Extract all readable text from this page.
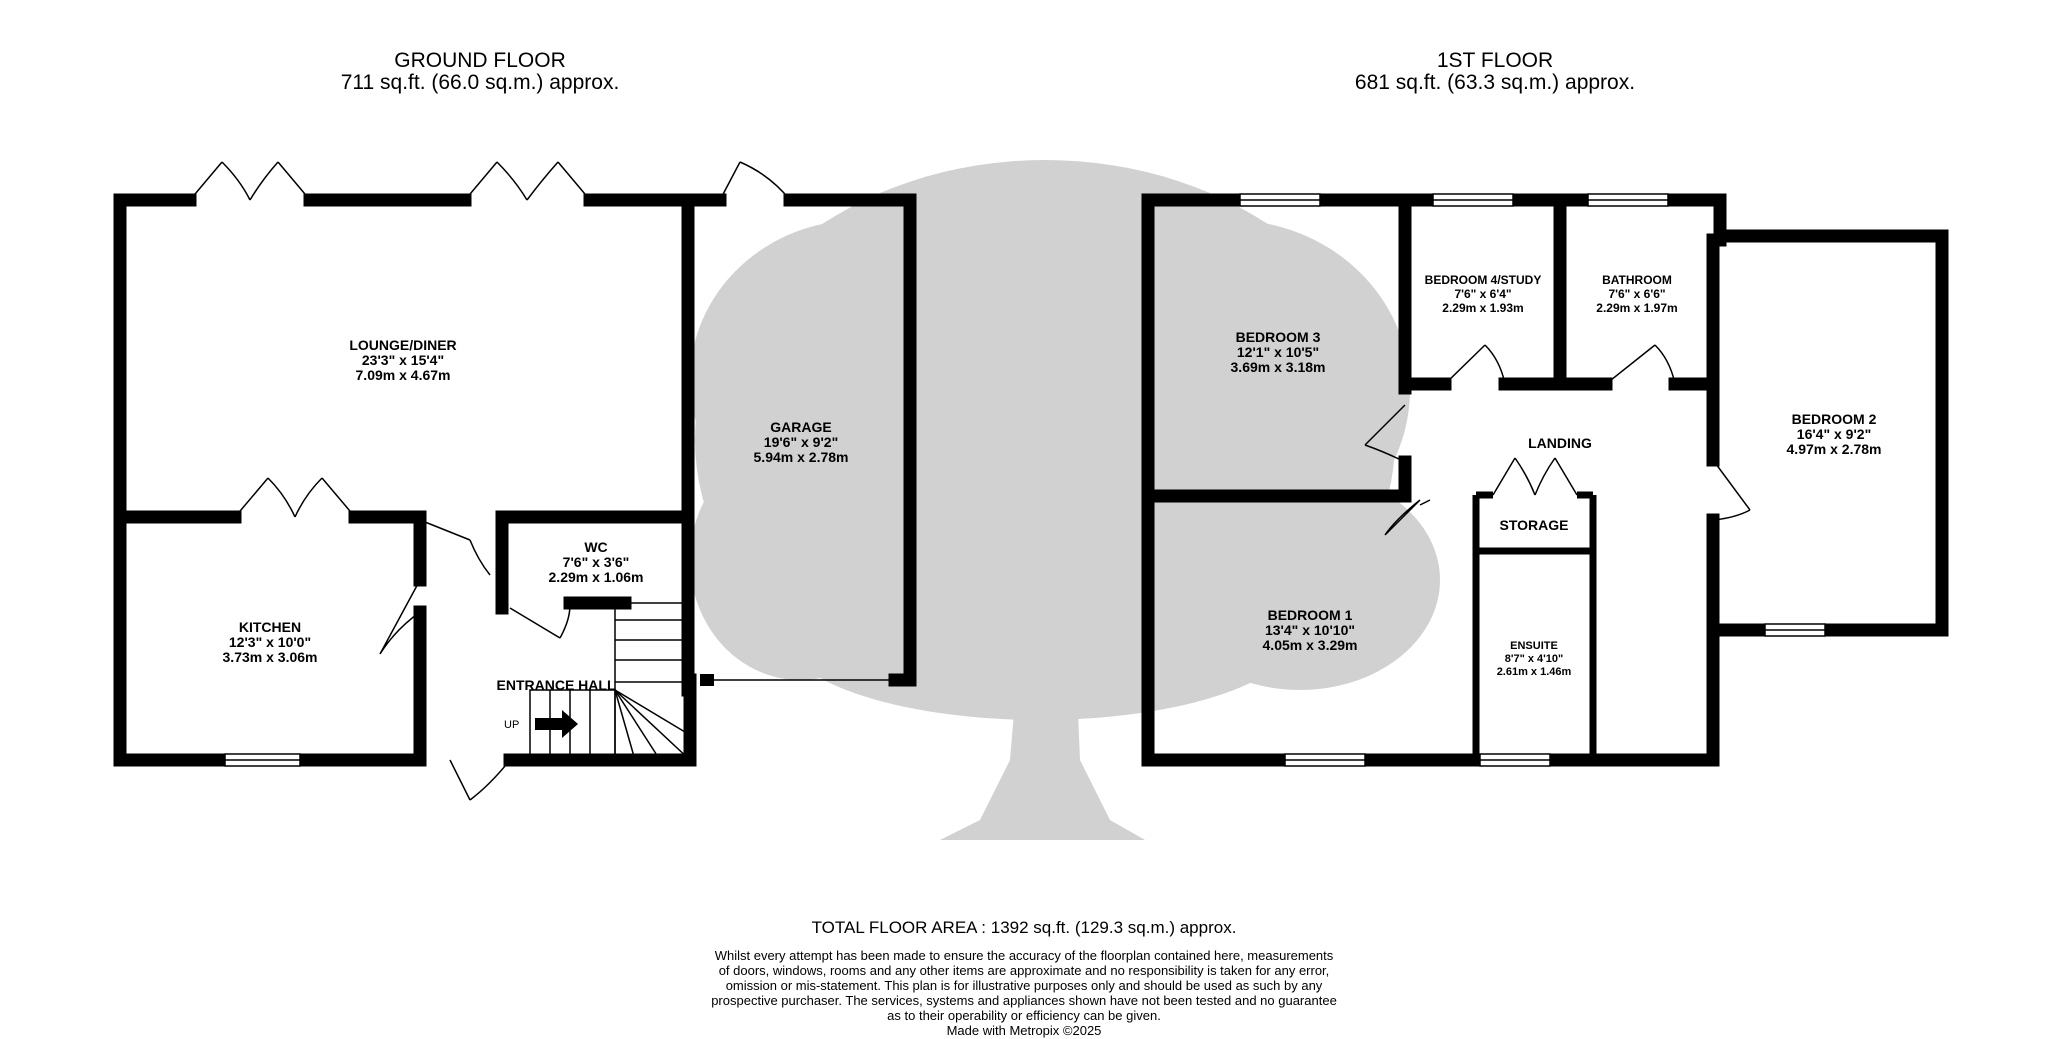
GROUND FLOOR
711 sq.ft. (66.0 sq.m.) approx.
1ST FLOOR
681 sq.ft. (63.3 sq.m.) approx.
LOUNGE/DINER
23'3" x 15'4"
7.09m x 4.67m
GARAGE
19'6" x 9'2"
5.94m x 2.78m
KITCHEN
12'3" x 10'0"
3.73m x 3.06m
WC
7'6" x 3'6"
2.29m x 1.06m
ENTRANCE HALL
UP
BEDROOM 3
12'1" x 10'5"
3.69m x 3.18m
BEDROOM 4/STUDY
7'6" x 6'4"
2.29m x 1.93m
BATHROOM
7'6" x 6'6"
2.29m x 1.97m
BEDROOM 2
16'4" x 9'2"
4.97m x 2.78m
LANDING
STORAGE
BEDROOM 1
13'4" x 10'10"
4.05m x 3.29m	ENSUITE
8'7" x 4'10"
2.61m x 1.46m
TOTAL FLOOR AREA : 1392 sq.ft. (129.3 sq.m.) approx.
Whilst every attempt has been made to ensure the accuracy of the floorplan contained here, measurements
of doors, windows, rooms and any other items are approximate and no responsibility is taken for any error,
omission or mis-statement. This plan is for illustrative purposes only and should be used as such by any
prospective purchaser. The services, systems and appliances shown have not been tested and no guarantee
as to their operability or efficiency can be given.
Made with Metropix ©2025
